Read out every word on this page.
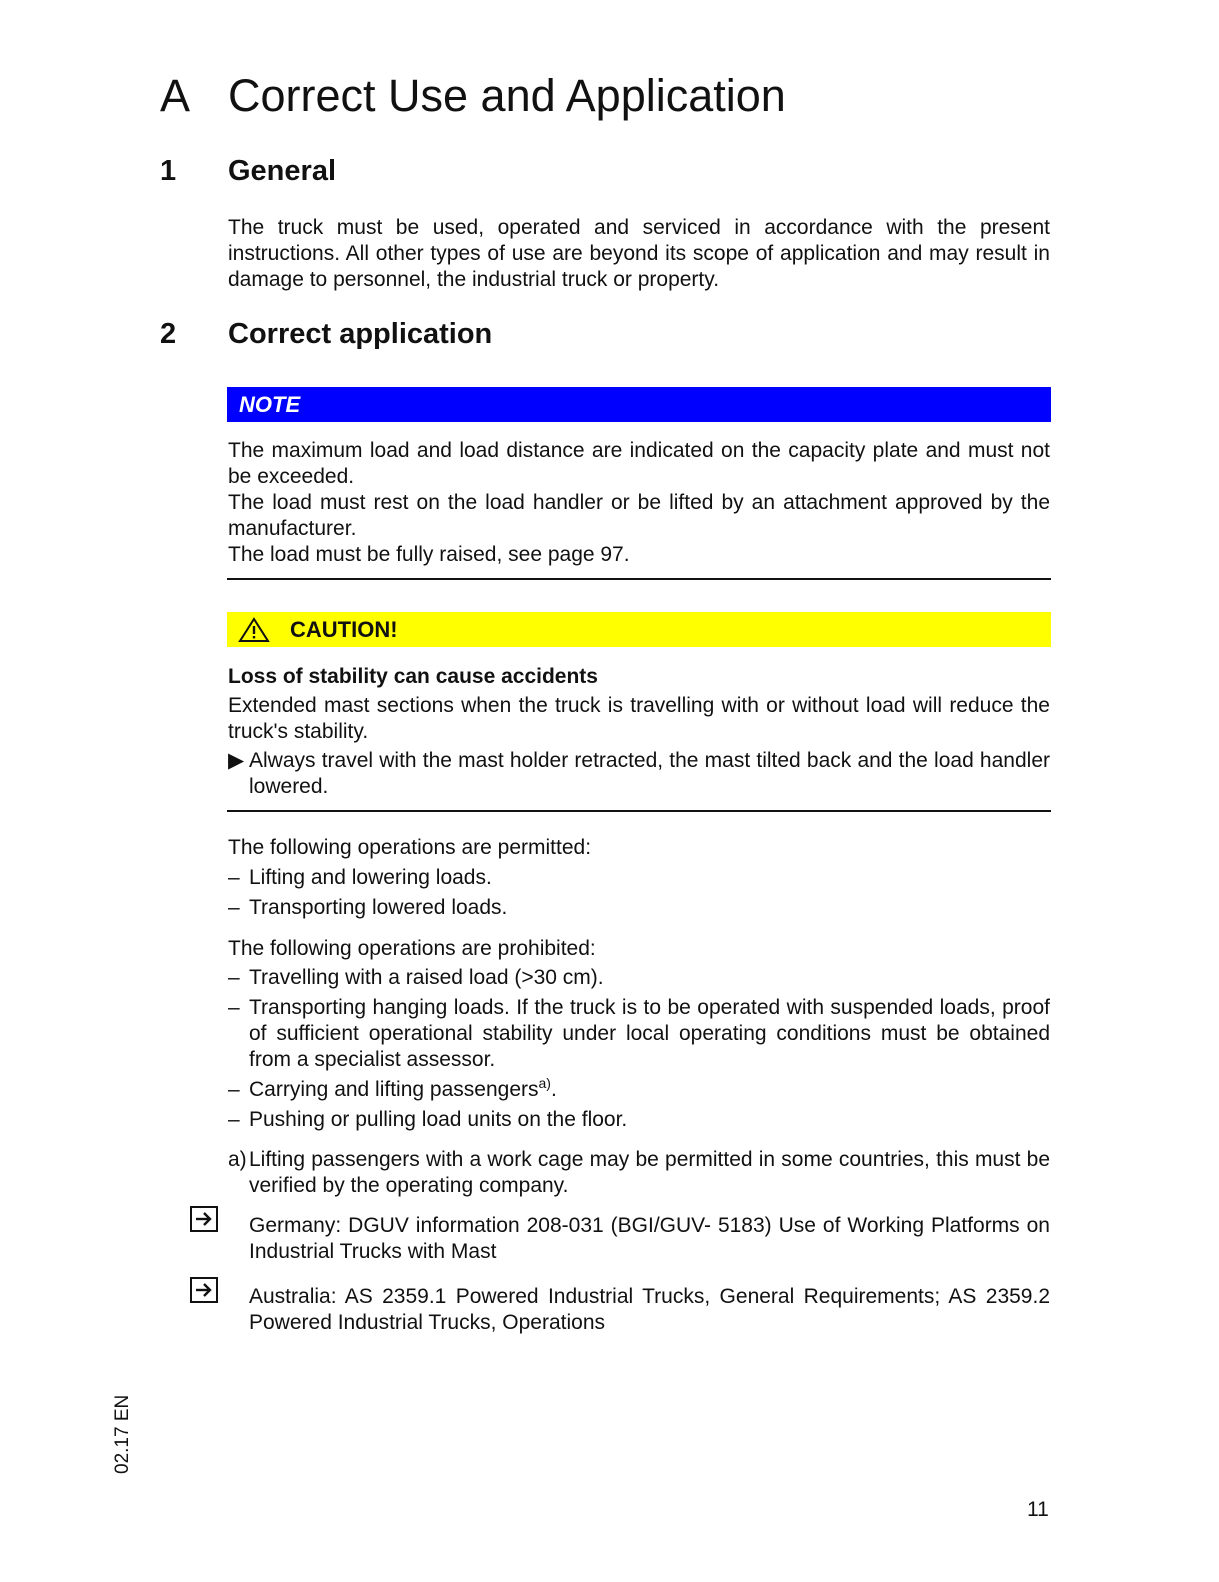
A Correct Use and Application
1 General

The truck must be used, operated and serviced in accordance with the present instructions. All other types of use are beyond its scope of application and may result in damage to personnel, the industrial truck or property.

2 Correct application
NOTE

The maximum load and load distance are indicated on the capacity plate and must not be exceeded.

The load must rest on the load handler or be lifted by an attachment approved by the manufacturer.

The load must be fully raised, see page 97.

CAUTION!

Loss of stability can cause accidents

Extended mast sections when the truck is travelling with or without load will reduce the truck's stability.

▶ Always travel with the mast holder retracted, the mast tilted back and the load handler lowered.

The following operations are permitted:

– Lifting and lowering loads.

– Transporting lowered loads.

The following operations are prohibited:

– Travelling with a raised load (>30 cm).

– Transporting hanging loads. If the truck is to be operated with suspended loads, proof of sufficient operational stability under local operating conditions must be obtained from a specialist assessor.

– Carrying and lifting passengers$^{a)}$.

– Pushing or pulling load units on the floor.

a) Lifting passengers with a work cage may be permitted in some countries, this must be verified by the operating company.

Germany: DGUV information 208-031 (BGI/GUV- 5183) Use of Working Platforms on Industrial Trucks with Mast

Australia: AS 2359.1 Powered Industrial Trucks, General Requirements; AS 2359.2 Powered Industrial Trucks, Operations

02.17 EN
11
